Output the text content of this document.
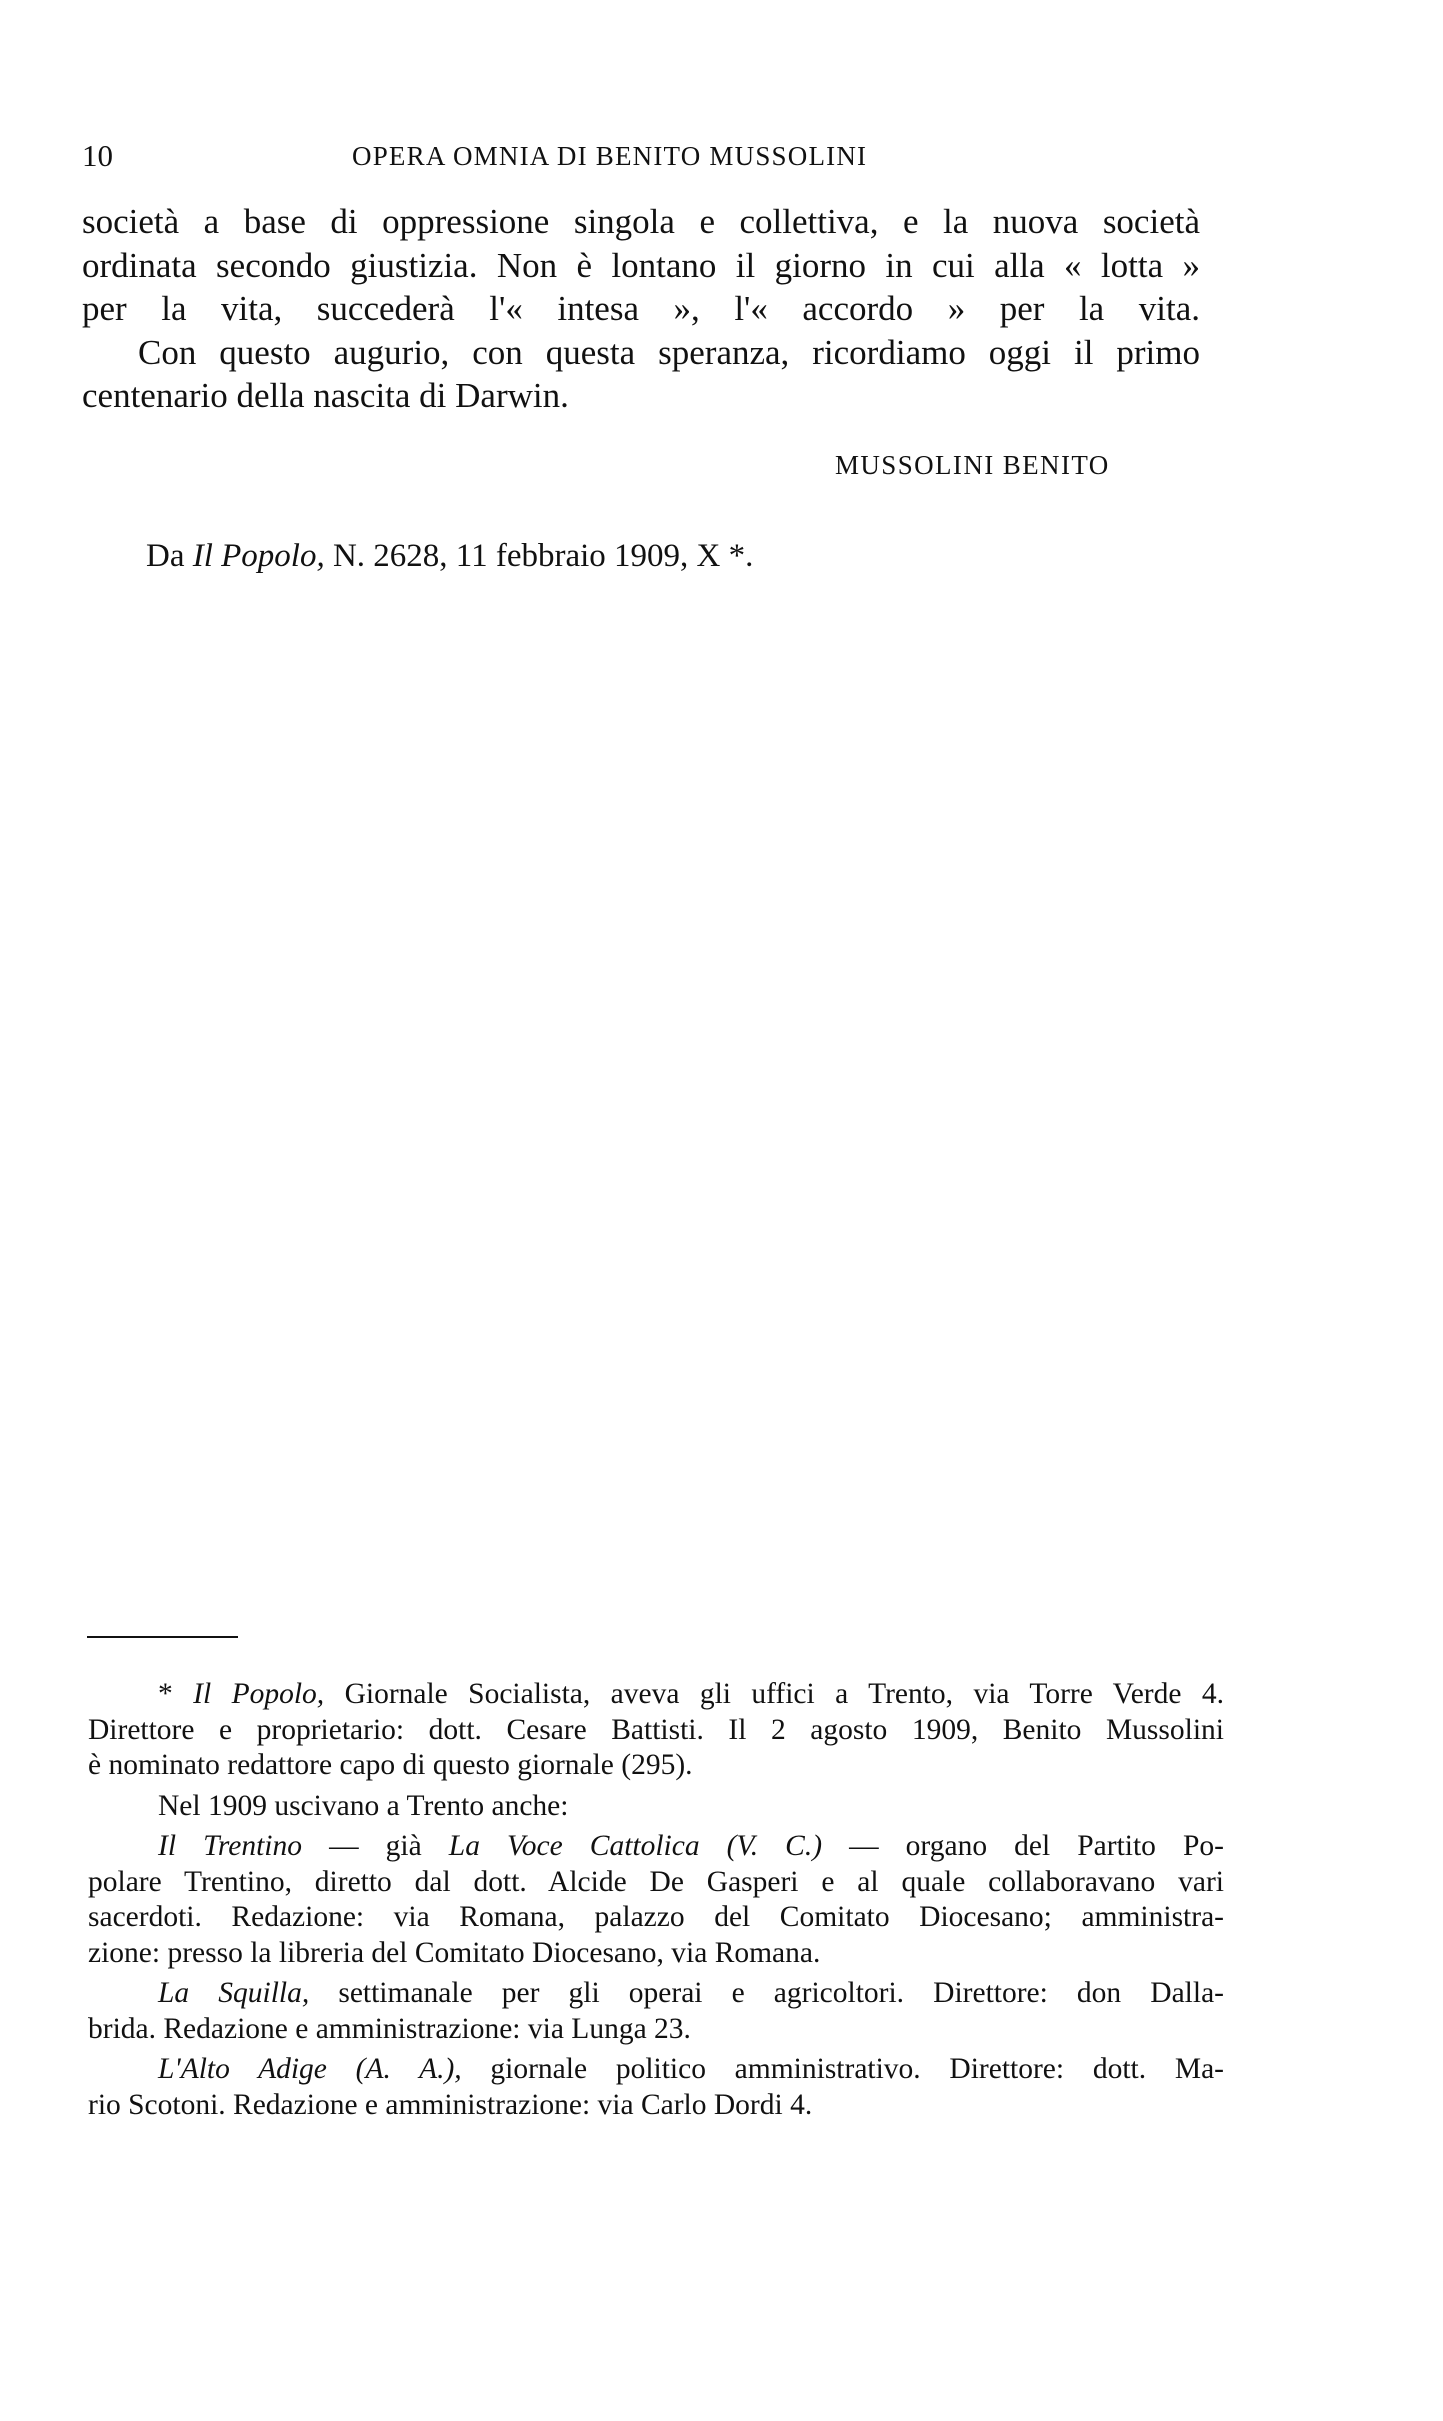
10	OPERA OMNIA DI BENITO MUSSOLINI
società a base di oppressione singola e collettiva, e la nuova società
ordinata secondo giustizia. Non è lontano il giorno in cui alla « lotta »
per la vita, succederà l'« intesa », l'« accordo » per la vita.
Con questo augurio, con questa speranza, ricordiamo oggi il primo
centenario della nascita di Darwin.
MUSSOLINI BENITO
Da Il Popolo, N. 2628, 11 febbraio 1909, X *.
* Il Popolo, Giornale Socialista, aveva gli uffici a Trento, via Torre Verde 4.
Direttore e proprietario: dott. Cesare Battisti. Il 2 agosto 1909, Benito Mussolini
è nominato redattore capo di questo giornale (295).
Nel 1909 uscivano a Trento anche:
Il Trentino — già La Voce Cattolica (V. C.) — organo del Partito Po-
polare Trentino, diretto dal dott. Alcide De Gasperi e al quale collaboravano vari
sacerdoti. Redazione: via Romana, palazzo del Comitato Diocesano; amministra-
zione: presso la libreria del Comitato Diocesano, via Romana.
La Squilla, settimanale per gli operai e agricoltori. Direttore: don Dalla-
brida. Redazione e amministrazione: via Lunga 23.
L'Alto Adige (A. A.), giornale politico amministrativo. Direttore: dott. Ma-
rio Scotoni. Redazione e amministrazione: via Carlo Dordi 4.
